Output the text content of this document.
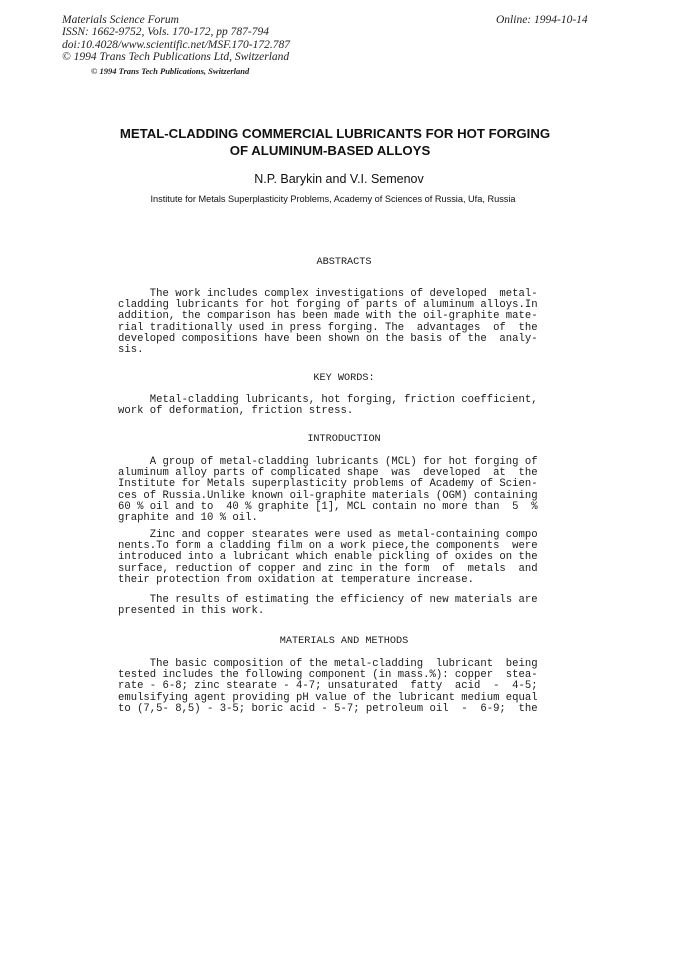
Materials Science Forum
ISSN: 1662-9752, Vols. 170-172, pp 787-794
doi:10.4028/www.scientific.net/MSF.170-172.787
© 1994 Trans Tech Publications Ltd, Switzerland
Online: 1994-10-14
© 1994 Trans Tech Publications, Switzerland
METAL-CLADDING COMMERCIAL LUBRICANTS FOR HOT FORGING
OF ALUMINUM-BASED ALLOYS
N.P. Barykin and V.I. Semenov
Institute for Metals Superplasticity Problems, Academy of Sciences of Russia, Ufa, Russia
ABSTRACTS
The work includes complex investigations of developed  metal-
cladding lubricants for hot forging of parts of aluminum alloys.In
addition, the comparison has been made with the oil-graphite mate-
rial traditionally used in press forging. The  advantages  of  the
developed compositions have been shown on the basis of the  analy-
sis.
KEY WORDS:
Metal-cladding lubricants, hot forging, friction coefficient,
work of deformation, friction stress.
INTRODUCTION
A group of metal-cladding lubricants (MCL) for hot forging of
aluminum alloy parts of complicated shape  was  developed  at  the
Institute for Metals superplasticity problems of Academy of Scien-
ces of Russia.Unlike known oil-graphite materials (OGM) containing
60 % oil and to  40 % graphite [1], MCL contain no more than  5  %
graphite and 10 % oil.
Zinc and copper stearates were used as metal-containing compo
nents.To form a cladding film on a work piece,the components  were
introduced into a lubricant which enable pickling of oxides on the
surface, reduction of copper and zinc in the form  of  metals  and
their protection from oxidation at temperature increase.
The results of estimating the efficiency of new materials are
presented in this work.
MATERIALS AND METHODS
The basic composition of the metal-cladding  lubricant  being
tested includes the following component (in mass.%): copper  stea-
rate - 6-8; zinc stearate - 4-7; unsaturated  fatty  acid  -  4-5;
emulsifying agent providing pH value of the lubricant medium equal
to (7,5- 8,5) - 3-5; boric acid - 5-7; petroleum oil  -  6-9;  the
